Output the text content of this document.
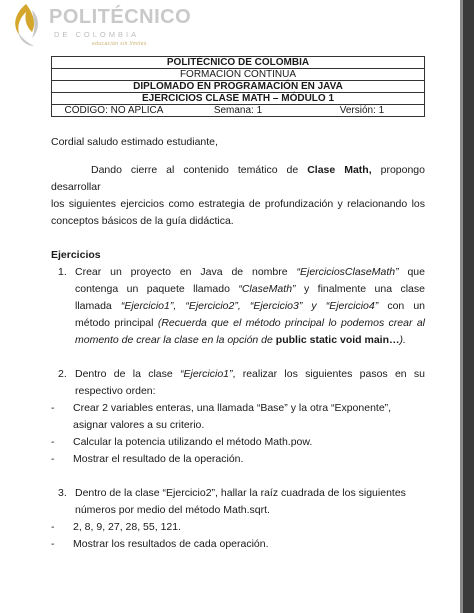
POLITÉCNICO
DE COLOMBIA
educación sin límites
POLITÉCNICO DE COLOMBIA
FORMACIÓN CONTINUA
DIPLOMADO EN PROGRAMACIÓN EN JAVA
EJERCICIOS CLASE MATH – MÓDULO 1

CÓDIGO: NO APLICA	Semana: 1	Versión: 1

Cordial saludo estimado estudiante,

Dando cierre al contenido temático de Clase Math, propongo desarrollar

los siguientes ejercicios como estrategia de profundización y relacionando los

conceptos básicos de la guía didáctica.

Ejercicios

1. Crear un proyecto en Java de nombre “EjerciciosClaseMath” que

contenga un paquete llamado “ClaseMath” y finalmente una clase

llamada “Ejercicio1”, “Ejercicio2”, “Ejercicio3” y “Ejercicio4” con un

método principal (Recuerda que el método principal lo podemos crear al

momento de crear la clase en la opción de public static void main…).

2. Dentro de la clase “Ejercicio1”, realizar los siguientes pasos en su

respectivo orden:

- Crear 2 variables enteras, una llamada “Base” y la otra “Exponente”,

asignar valores a su criterio.

- Calcular la potencia utilizando el método Math.pow.

- Mostrar el resultado de la operación.

3. Dentro de la clase “Ejercicio2”, hallar la raíz cuadrada de los siguientes

números por medio del método Math.sqrt.

- 2, 8, 9, 27, 28, 55, 121.

- Mostrar los resultados de cada operación.
